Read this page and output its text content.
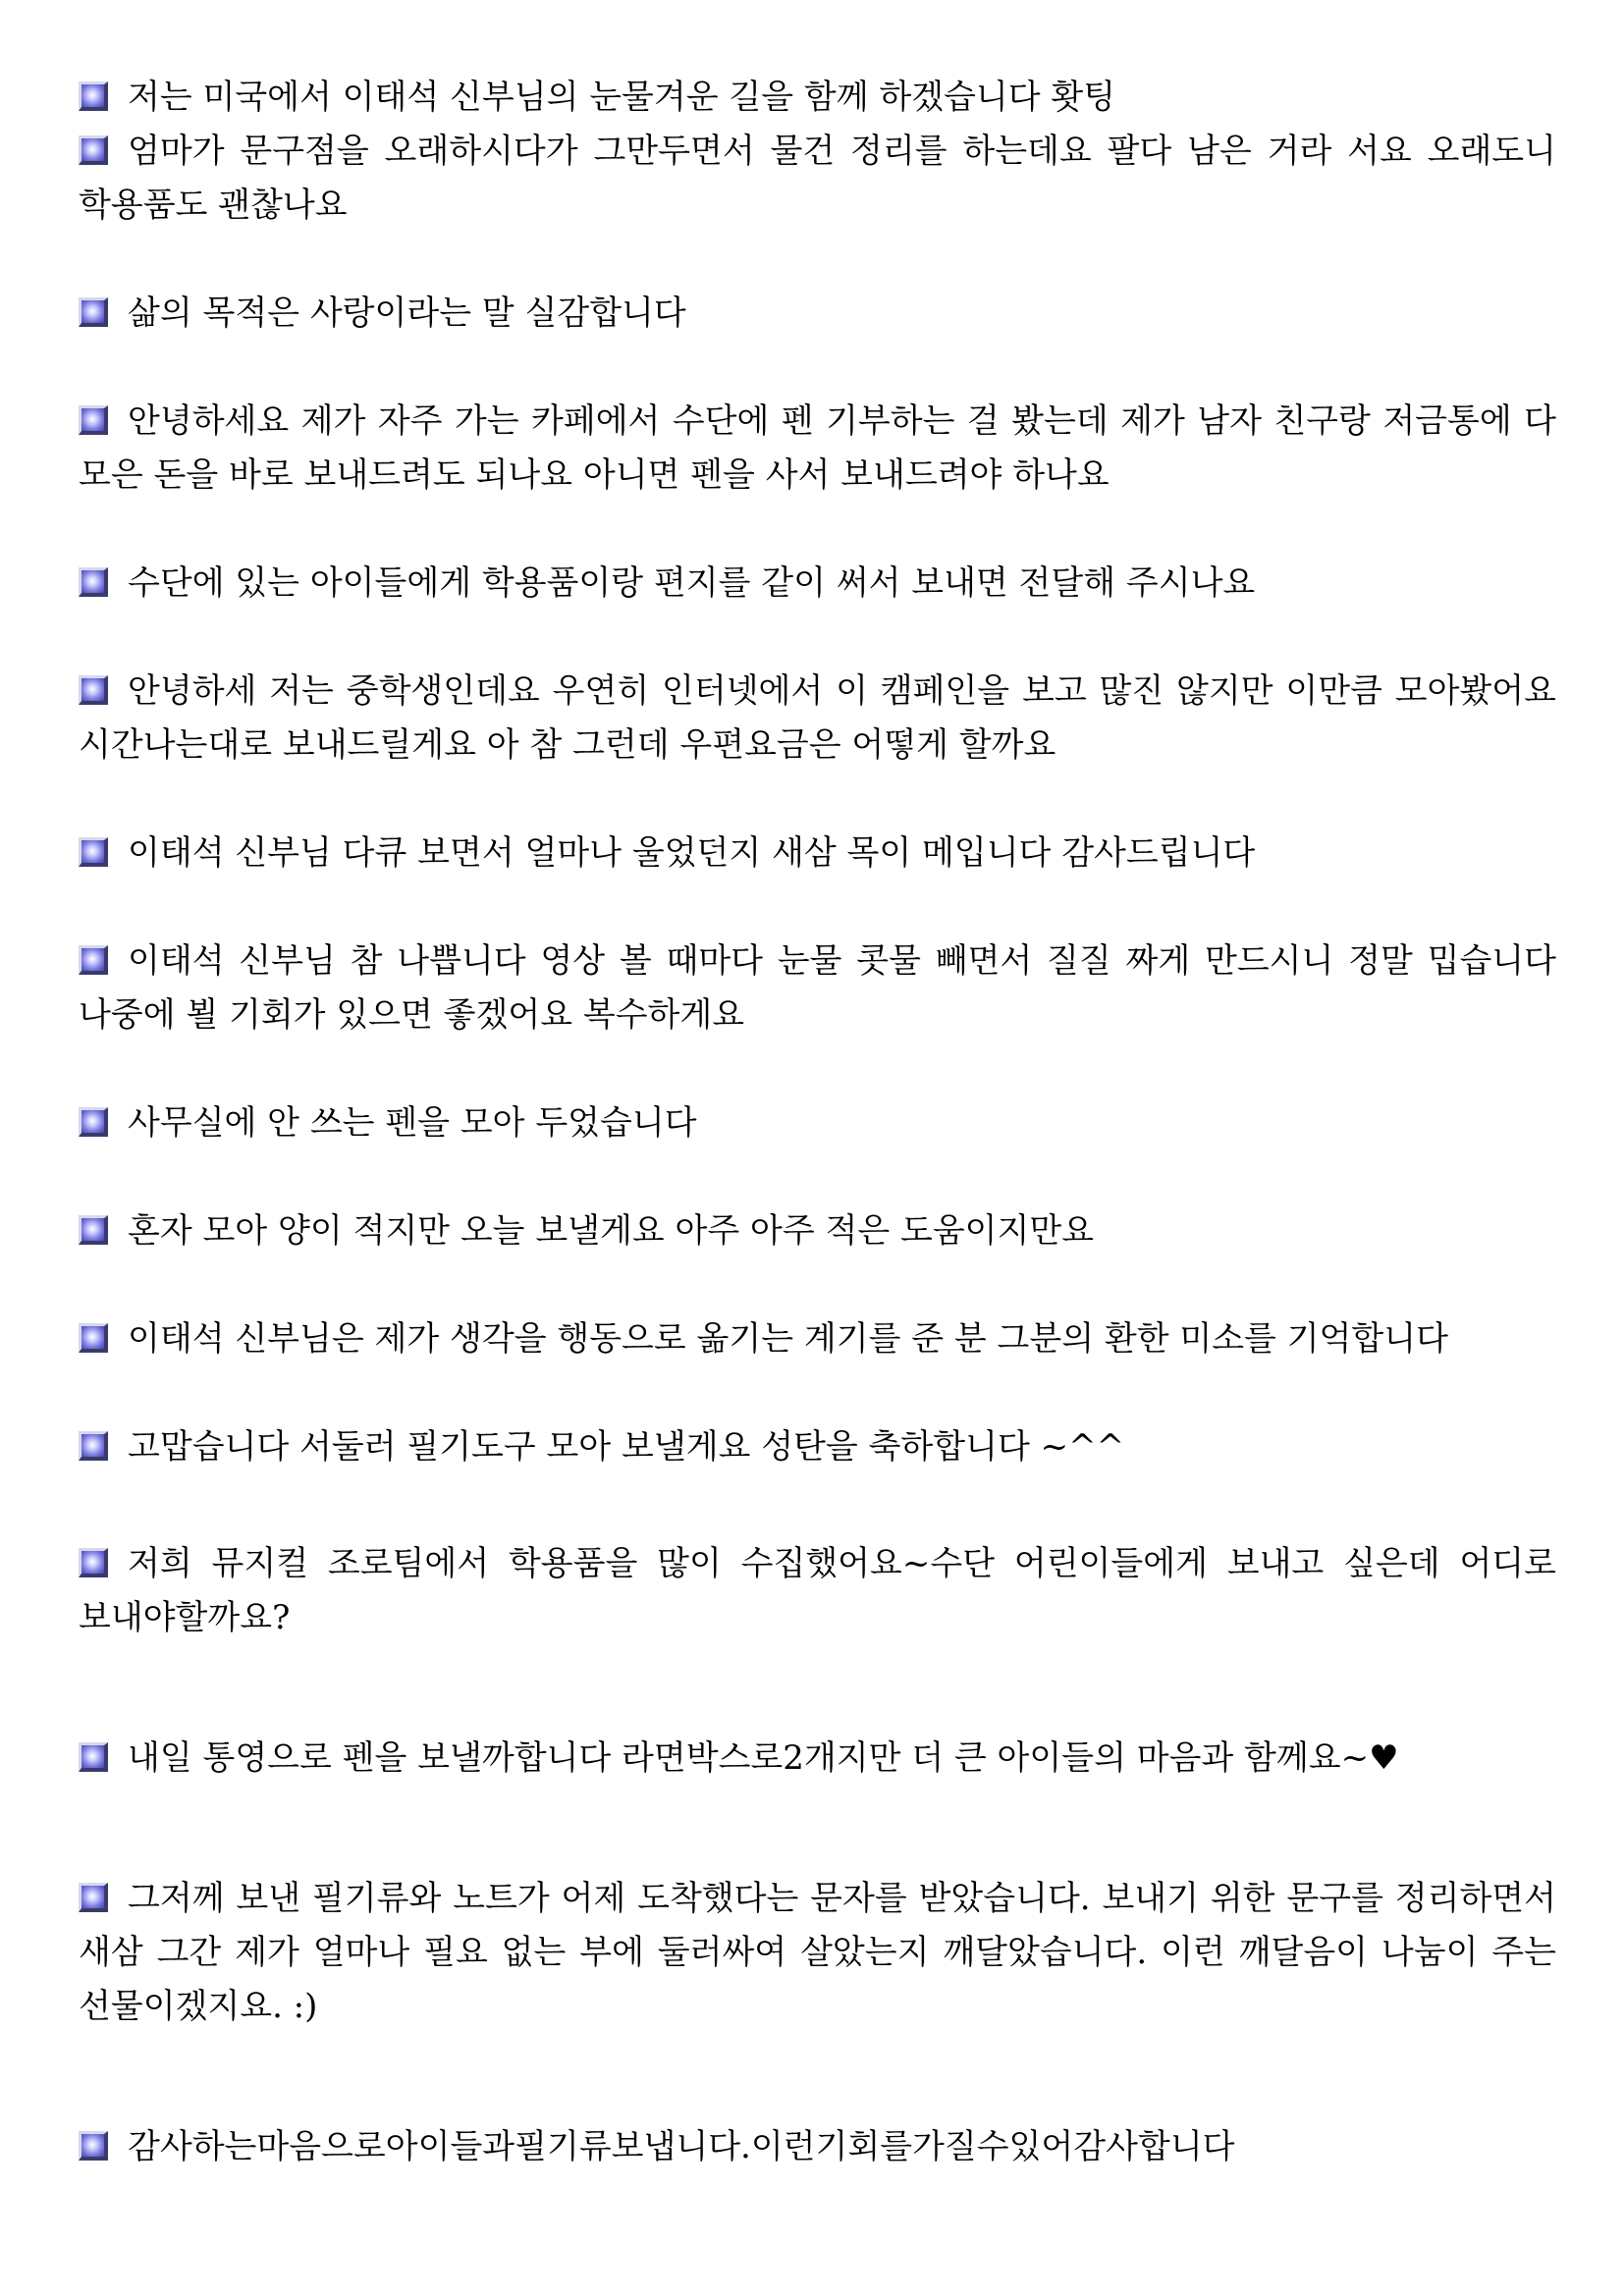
저는 미국에서 이태석 신부님의 눈물겨운 길을 함께 하겠습니다 홧팅

엄마가 문구점을 오래하시다가 그만두면서 물건 정리를 하는데요 팔다 남은 거라 서요 오래도니 학용품도 괜찮나요

삶의 목적은 사랑이라는 말 실감합니다

안녕하세요 제가 자주 가는 카페에서 수단에 펜 기부하는 걸 봤는데 제가 남자 친구랑 저금통에 다 모은 돈을 바로 보내드려도 되나요 아니면 펜을 사서 보내드려야 하나요

수단에 있는 아이들에게 학용품이랑 편지를 같이 써서 보내면 전달해 주시나요

안녕하세 저는 중학생인데요 우연히 인터넷에서 이 캠페인을 보고 많진 않지만 이만큼 모아봤어요 시간나는대로 보내드릴게요 아 참 그런데 우편요금은 어떻게 할까요

이태석 신부님 다큐 보면서 얼마나 울었던지 새삼 목이 메입니다 감사드립니다

이태석 신부님 참 나쁩니다 영상 볼 때마다 눈물 콧물 빼면서 질질 짜게 만드시니 정말 밉습니다 나중에 뵐 기회가 있으면 좋겠어요 복수하게요

사무실에 안 쓰는 펜을 모아 두었습니다

혼자 모아 양이 적지만 오늘 보낼게요 아주 아주 적은 도움이지만요

이태석 신부님은 제가 생각을 행동으로 옮기는 계기를 준 분 그분의 환한 미소를 기억합니다

고맙습니다 서둘러 필기도구 모아 보낼게요 성탄을 축하합니다 ~^^

저희 뮤지컬 조로팀에서 학용품을 많이 수집했어요~수단 어린이들에게 보내고 싶은데 어디로 보내야할까요?

내일 통영으로 펜을 보낼까합니다 라면박스로2개지만 더 큰 아이들의 마음과 함께요~♥

그저께 보낸 필기류와 노트가 어제 도착했다는 문자를 받았습니다. 보내기 위한 문구를 정리하면서 새삼 그간 제가 얼마나 필요 없는 부에 둘러싸여 살았는지 깨달았습니다. 이런 깨달음이 나눔이 주는 선물이겠지요. :)

감사하는마음으로아이들과필기류보냅니다.이런기회를가질수있어감사합니다
